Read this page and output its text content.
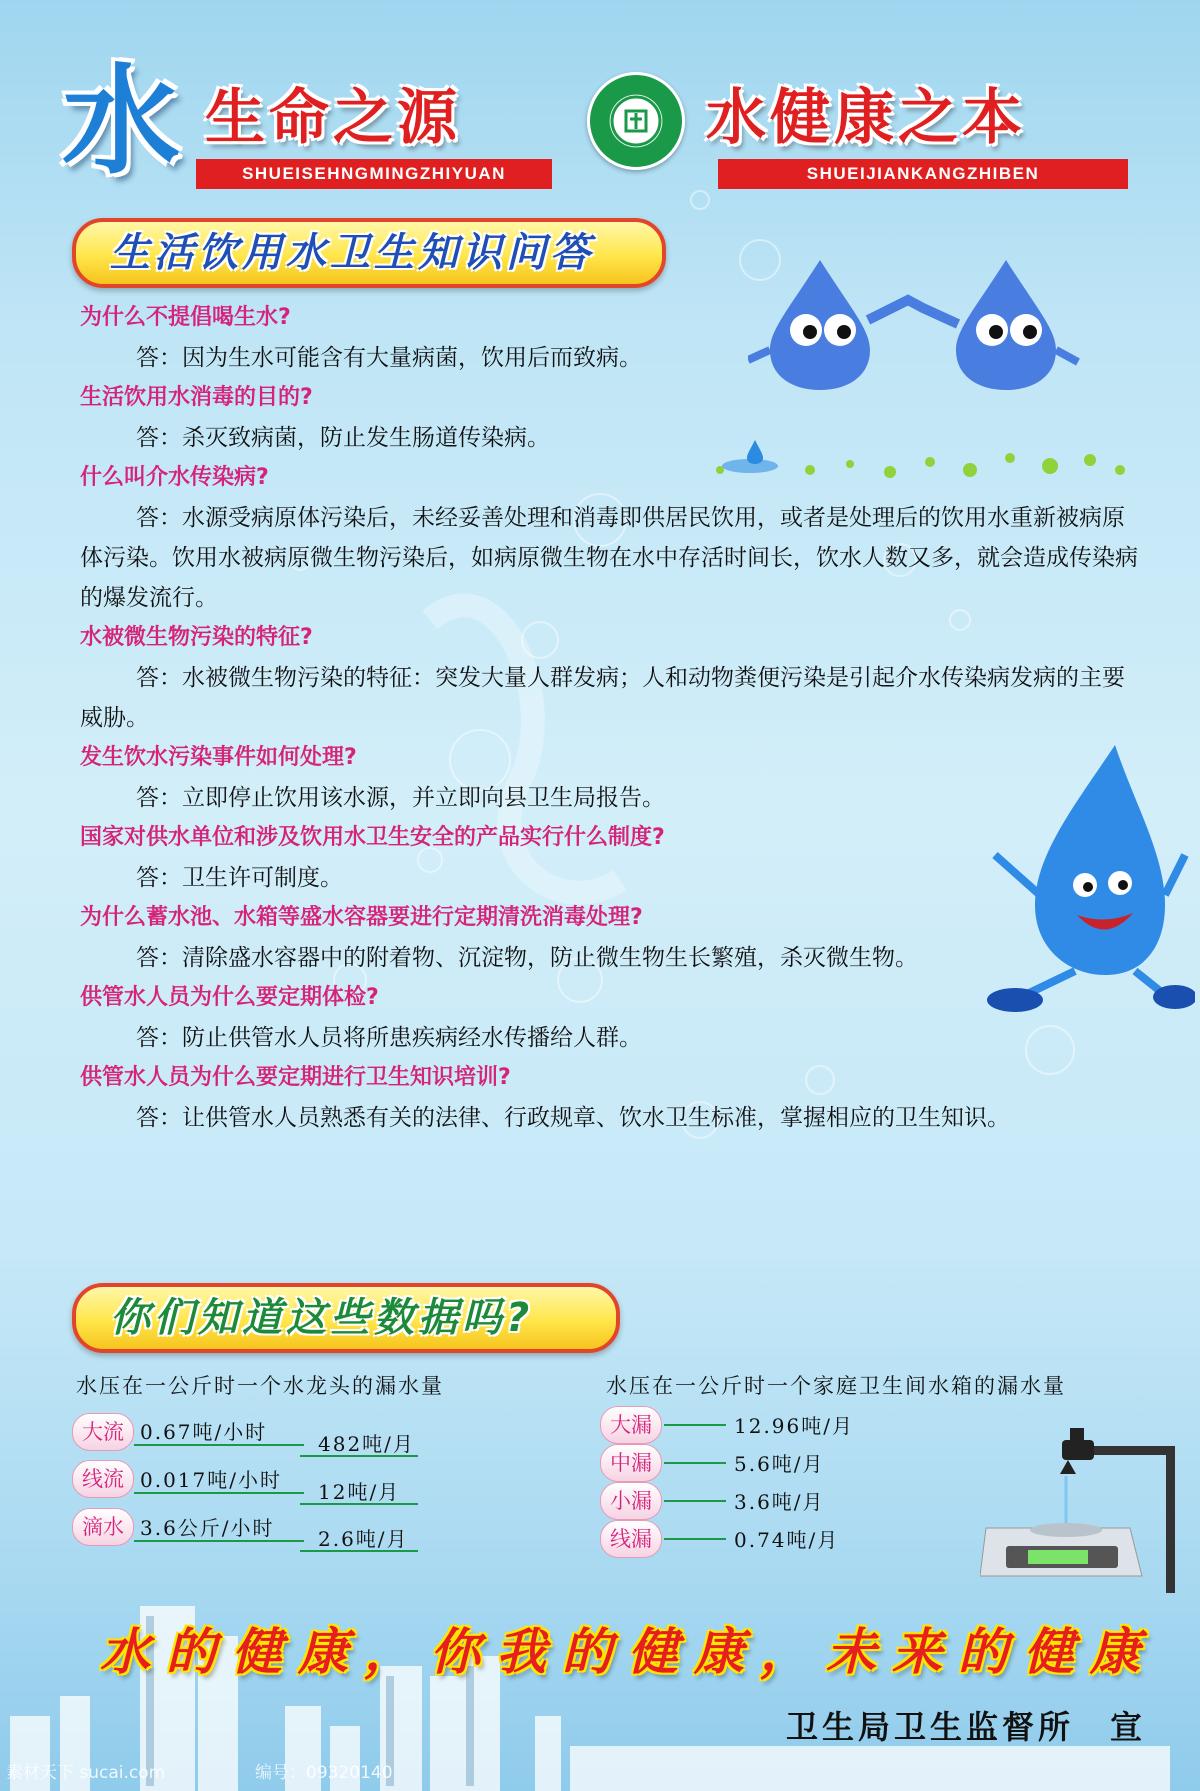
水 生命之源
SHUEISEHNGMINGZHIYUAN
水健康之本
SHUEIJIANKANGZHIBEN
生活饮用水卫生知识问答
为什么不提倡喝生水?
答：因为生水可能含有大量病菌，饮用后而致病。
生活饮用水消毒的目的?
答：杀灭致病菌，防止发生肠道传染病。
什么叫介水传染病?
答：水源受病原体污染后，未经妥善处理和消毒即供居民饮用，或者是处理后的饮用水重新被病原体污染。饮用水被病原微生物污染后，如病原微生物在水中存活时间长，饮水人数又多，就会造成传染病的爆发流行。
水被微生物污染的特征?
答：水被微生物污染的特征：突发大量人群发病；人和动物粪便污染是引起介水传染病发病的主要威胁。
发生饮水污染事件如何处理?
答：立即停止饮用该水源，并立即向县卫生局报告。
国家对供水单位和涉及饮用水卫生安全的产品实行什么制度?
答：卫生许可制度。
为什么蓄水池、水箱等盛水容器要进行定期清洗消毒处理?
答：清除盛水容器中的附着物、沉淀物，防止微生物生长繁殖，杀灭微生物。
供管水人员为什么要定期体检?
答：防止供管水人员将所患疾病经水传播给人群。
供管水人员为什么要定期进行卫生知识培训?
答：让供管水人员熟悉有关的法律、行政规章、饮水卫生标准，掌握相应的卫生知识。
你们知道这些数据吗?
水压在一公斤时一个水龙头的漏水量
大流 0.67吨/小时	482吨/月
线流 0.017吨/小时 12吨/月
滴水 3.6公斤/小时 2.6吨/月
水压在一公斤时一个家庭卫生间水箱的漏水量
大漏	12.96吨/月
中漏	5.6吨/月
小漏	3.6吨/月
线漏	0.74吨/月
水的健康，你我的健康，未来的健康
卫生局卫生监督所　宣
素材天下 sucai.com	编号：09320140
